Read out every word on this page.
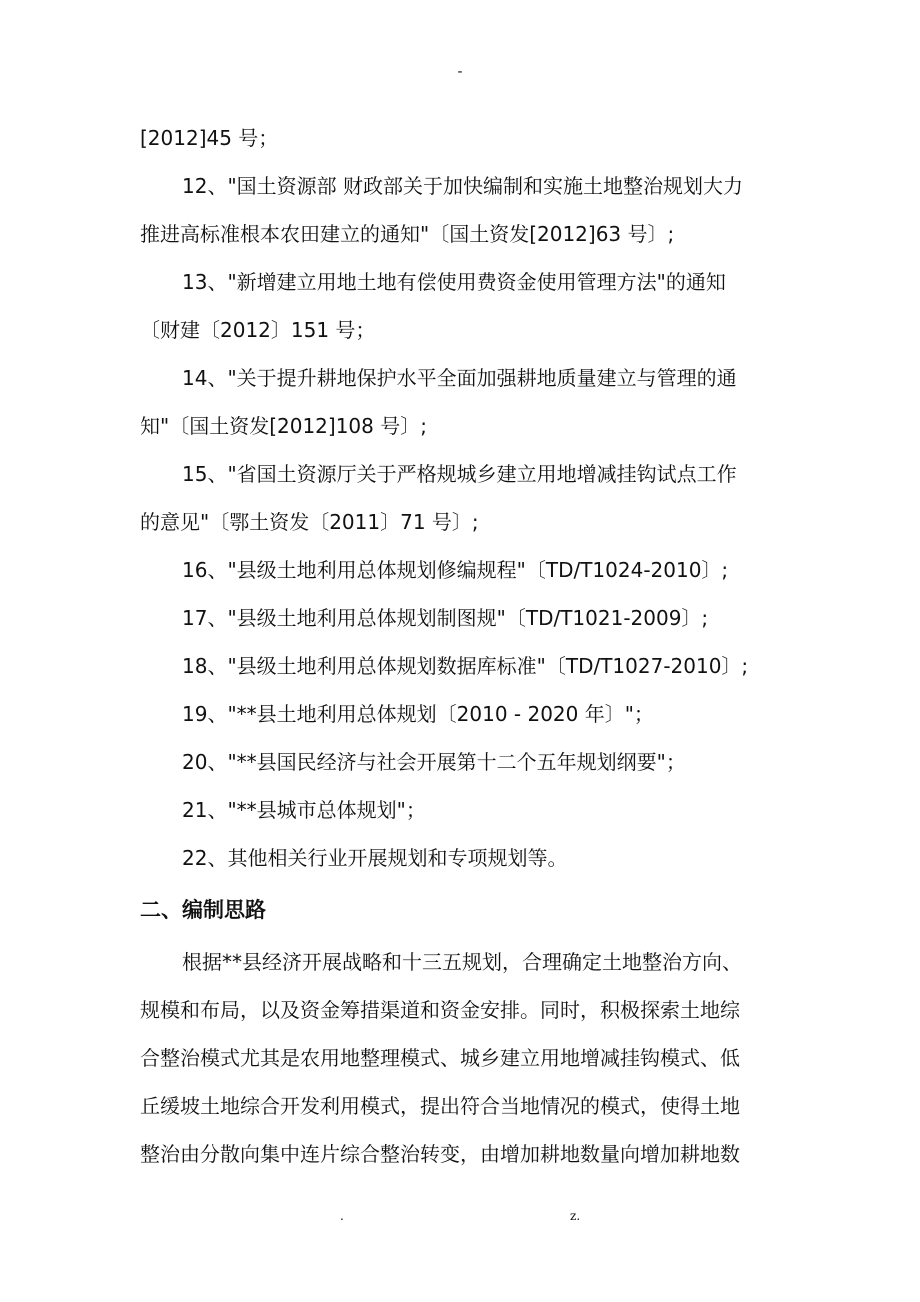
-
[2012]45 号；
12、"国土资源部 财政部关于加快编制和实施土地整治规划大力
推进高标准根本农田建立的通知"〔国土资发[2012]63 号〕;
13、"新增建立用地土地有偿使用费资金使用管理方法"的通知
〔财建〔2012〕151 号；
14、"关于提升耕地保护水平全面加强耕地质量建立与管理的通
知"〔国土资发[2012]108 号〕;
15、"省国土资源厅关于严格规城乡建立用地增减挂钩试点工作
的意见"〔鄂土资发〔2011〕71 号〕;
16、"县级土地利用总体规划修编规程"〔TD/T1024-2010〕;
17、"县级土地利用总体规划制图规"〔TD/T1021-2009〕;
18、"县级土地利用总体规划数据库标准"〔TD/T1027-2010〕;
19、"**县土地利用总体规划〔2010 - 2020 年〕"；
20、"**县国民经济与社会开展第十二个五年规划纲要"；
21、"**县城市总体规划"；
22、其他相关行业开展规划和专项规划等。
二、编制思路
根据**县经济开展战略和十三五规划，合理确定土地整治方向、
规模和布局，以及资金筹措渠道和资金安排。同时，积极探索土地综
合整治模式尤其是农用地整理模式、城乡建立用地增减挂钩模式、低
丘缓坡土地综合开发利用模式，提出符合当地情况的模式，使得土地
整治由分散向集中连片综合整治转变，由增加耕地数量向增加耕地数
.	z.
